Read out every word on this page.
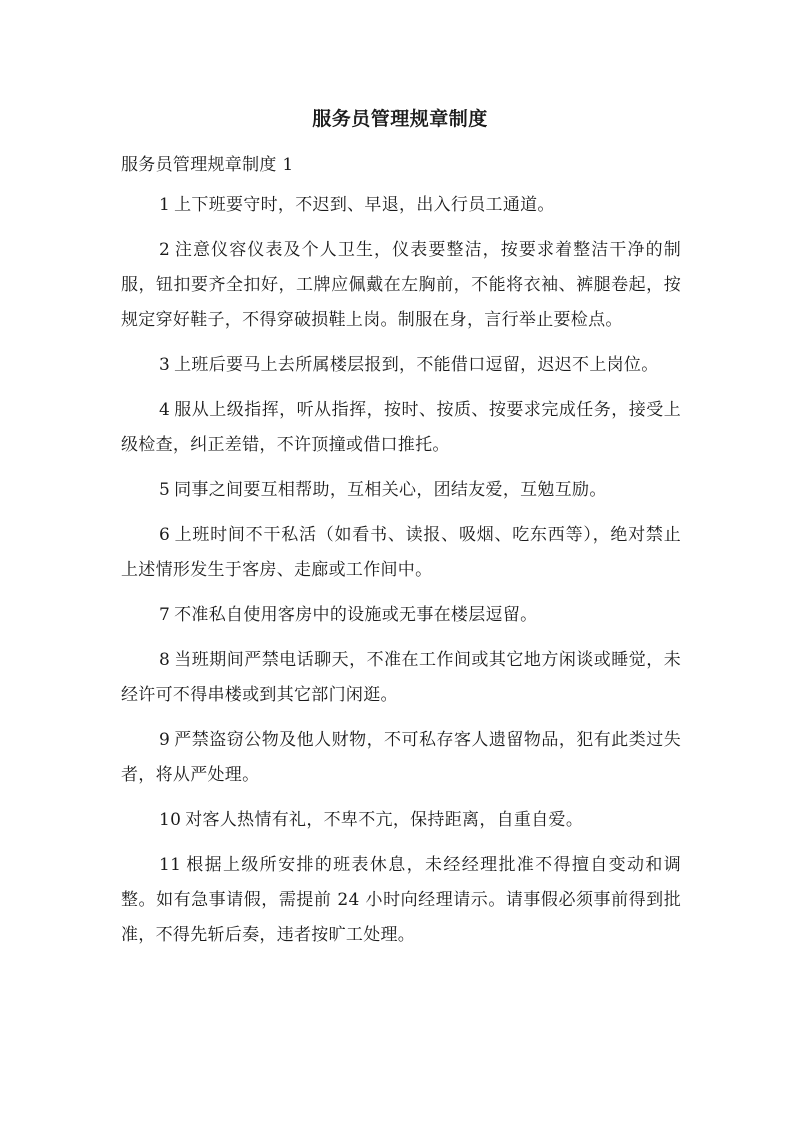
服务员管理规章制度
服务员管理规章制度 1

1 上下班要守时，不迟到、早退，出入行员工通道。

2 注意仪容仪表及个人卫生，仪表要整洁，按要求着整洁干净的制服，钮扣要齐全扣好，工牌应佩戴在左胸前，不能将衣袖、裤腿卷起，按规定穿好鞋子，不得穿破损鞋上岗。制服在身，言行举止要检点。

3 上班后要马上去所属楼层报到，不能借口逗留，迟迟不上岗位。

4 服从上级指挥，听从指挥，按时、按质、按要求完成任务，接受上级检查，纠正差错，不许顶撞或借口推托。

5 同事之间要互相帮助，互相关心，团结友爱，互勉互励。

6 上班时间不干私活（如看书、读报、吸烟、吃东西等），绝对禁止上述情形发生于客房、走廊或工作间中。

7 不准私自使用客房中的设施或无事在楼层逗留。

8 当班期间严禁电话聊天，不准在工作间或其它地方闲谈或睡觉，未经许可不得串楼或到其它部门闲逛。

9 严禁盗窃公物及他人财物，不可私存客人遗留物品，犯有此类过失者，将从严处理。

10 对客人热情有礼，不卑不亢，保持距离，自重自爱。

11 根据上级所安排的班表休息，未经经理批准不得擅自变动和调整。如有急事请假，需提前 24 小时向经理请示。请事假必须事前得到批准，不得先斩后奏，违者按旷工处理。
